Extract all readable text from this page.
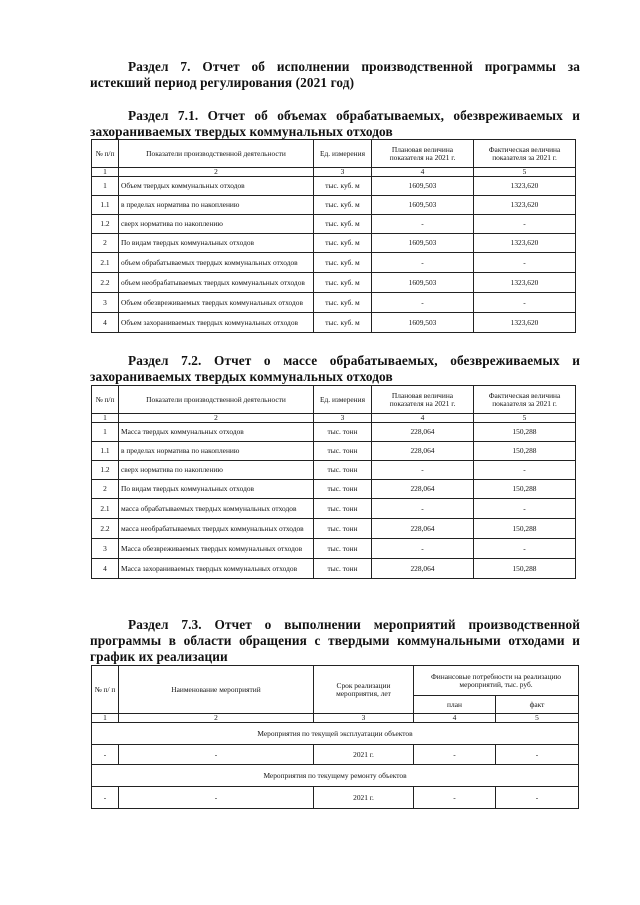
Раздел 7. Отчет об исполнении производственной программы за истекший период регулирования (2021 год)
Раздел 7.1. Отчет об объемах обрабатываемых, обезвреживаемых и захораниваемых твердых коммунальных отходов
№ п/п	Показатели производственной деятельности	Ед. измерения	Плановая величина показателя на 2021 г.	Фактическая величина показателя за 2021 г.
1	2	3	4	5
1	Объем твердых коммунальных отходов	тыс. куб. м	1609,503	1323,620
1.1	в пределах норматива по накоплению	тыс. куб. м	1609,503	1323,620
1.2	сверх норматива по накоплению	тыс. куб. м	-	-
2	По видам твердых коммунальных отходов	тыс. куб. м	1609,503	1323,620
2.1	объем обрабатываемых твердых коммунальных отходов	тыс. куб. м	-	-
2.2	объем необрабатываемых твердых коммунальных отходов	тыс. куб. м	1609,503	1323,620
3	Объем обезвреживаемых твердых коммунальных отходов	тыс. куб. м	-	-
4	Объем захораниваемых твердых коммунальных отходов	тыс. куб. м	1609,503	1323,620
Раздел 7.2. Отчет о массе обрабатываемых, обезвреживаемых и захораниваемых твердых коммунальных отходов
№ п/п	Показатели производственной деятельности	Ед. измерения	Плановая величина показателя на 2021 г.	Фактическая величина показателя за 2021 г.
1	2	3	4	5
1	Масса твердых коммунальных отходов	тыс. тонн	228,064	150,288
1.1	в пределах норматива по накоплению	тыс. тонн	228,064	150,288
1.2	сверх норматива по накоплению	тыс. тонн	-	-
2	По видам твердых коммунальных отходов	тыс. тонн	228,064	150,288
2.1	масса обрабатываемых твердых коммунальных отходов	тыс. тонн	-	-
2.2	масса необрабатываемых твердых коммунальных отходов	тыс. тонн	228,064	150,288
3	Масса обезвреживаемых твердых коммунальных отходов	тыс. тонн	-	-
4	Масса захораниваемых твердых коммунальных отходов	тыс. тонн	228,064	150,288
Раздел 7.3. Отчет о выполнении мероприятий производственной программы в области обращения с твердыми коммунальными отходами и график их реализации
№ п/ п	Наименование мероприятий	Срок реализации мероприятия, лет	Финансовые потребности на реализацию мероприятий, тыс. руб.	
			план	факт
1	2	3	4	5
Мероприятия по текущей эксплуатации объектов				
-	-	2021 г.	-	-
Мероприятия по текущему ремонту объектов				
-	-	2021 г.	-	-
